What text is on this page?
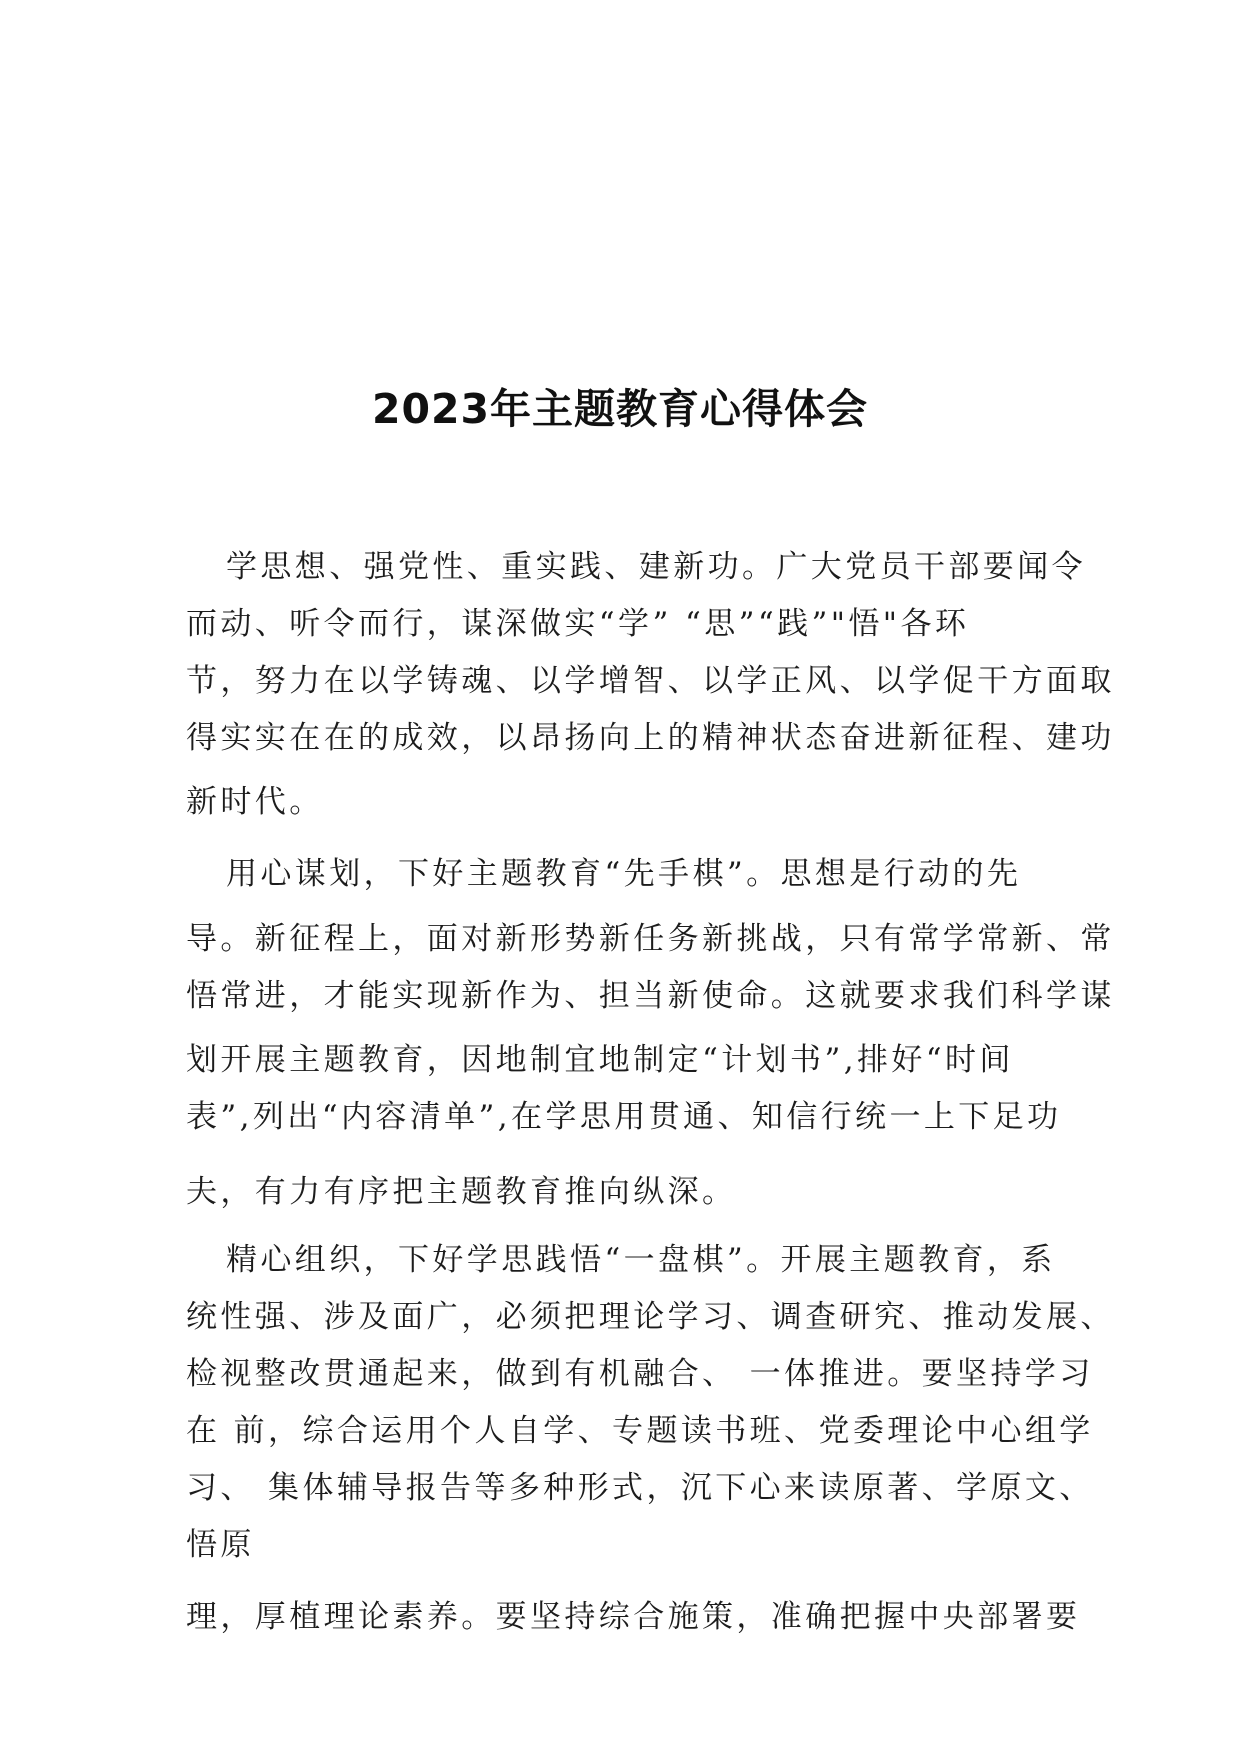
2023年主题教育心得体会
学思想、强党性、重实践、建新功。广大党员干部要闻令
而动、听令而行，谋深做实“学” “思”“践”"悟"各环
节，努力在以学铸魂、以学增智、以学正风、以学促干方面取
得实实在在的成效，以昂扬向上的精神状态奋进新征程、建功
新时代。
用心谋划，下好主题教育“先手棋”。思想是行动的先
导。新征程上，面对新形势新任务新挑战，只有常学常新、常
悟常进，才能实现新作为、担当新使命。这就要求我们科学谋
划开展主题教育，因地制宜地制定“计划书”,排好“时间
表”,列出“内容清单”,在学思用贯通、知信行统一上下足功
夫，有力有序把主题教育推向纵深。
精心组织，下好学思践悟“一盘棋”。开展主题教育，系
统性强、涉及面广，必须把理论学习、调查研究、推动发展、
检视整改贯通起来，做到有机融合、 一体推进。要坚持学习
在 前，综合运用个人自学、专题读书班、党委理论中心组学
习、 集体辅导报告等多种形式，沉下心来读原著、学原文、
悟原
理，厚植理论素养。要坚持综合施策，准确把握中央部署要
